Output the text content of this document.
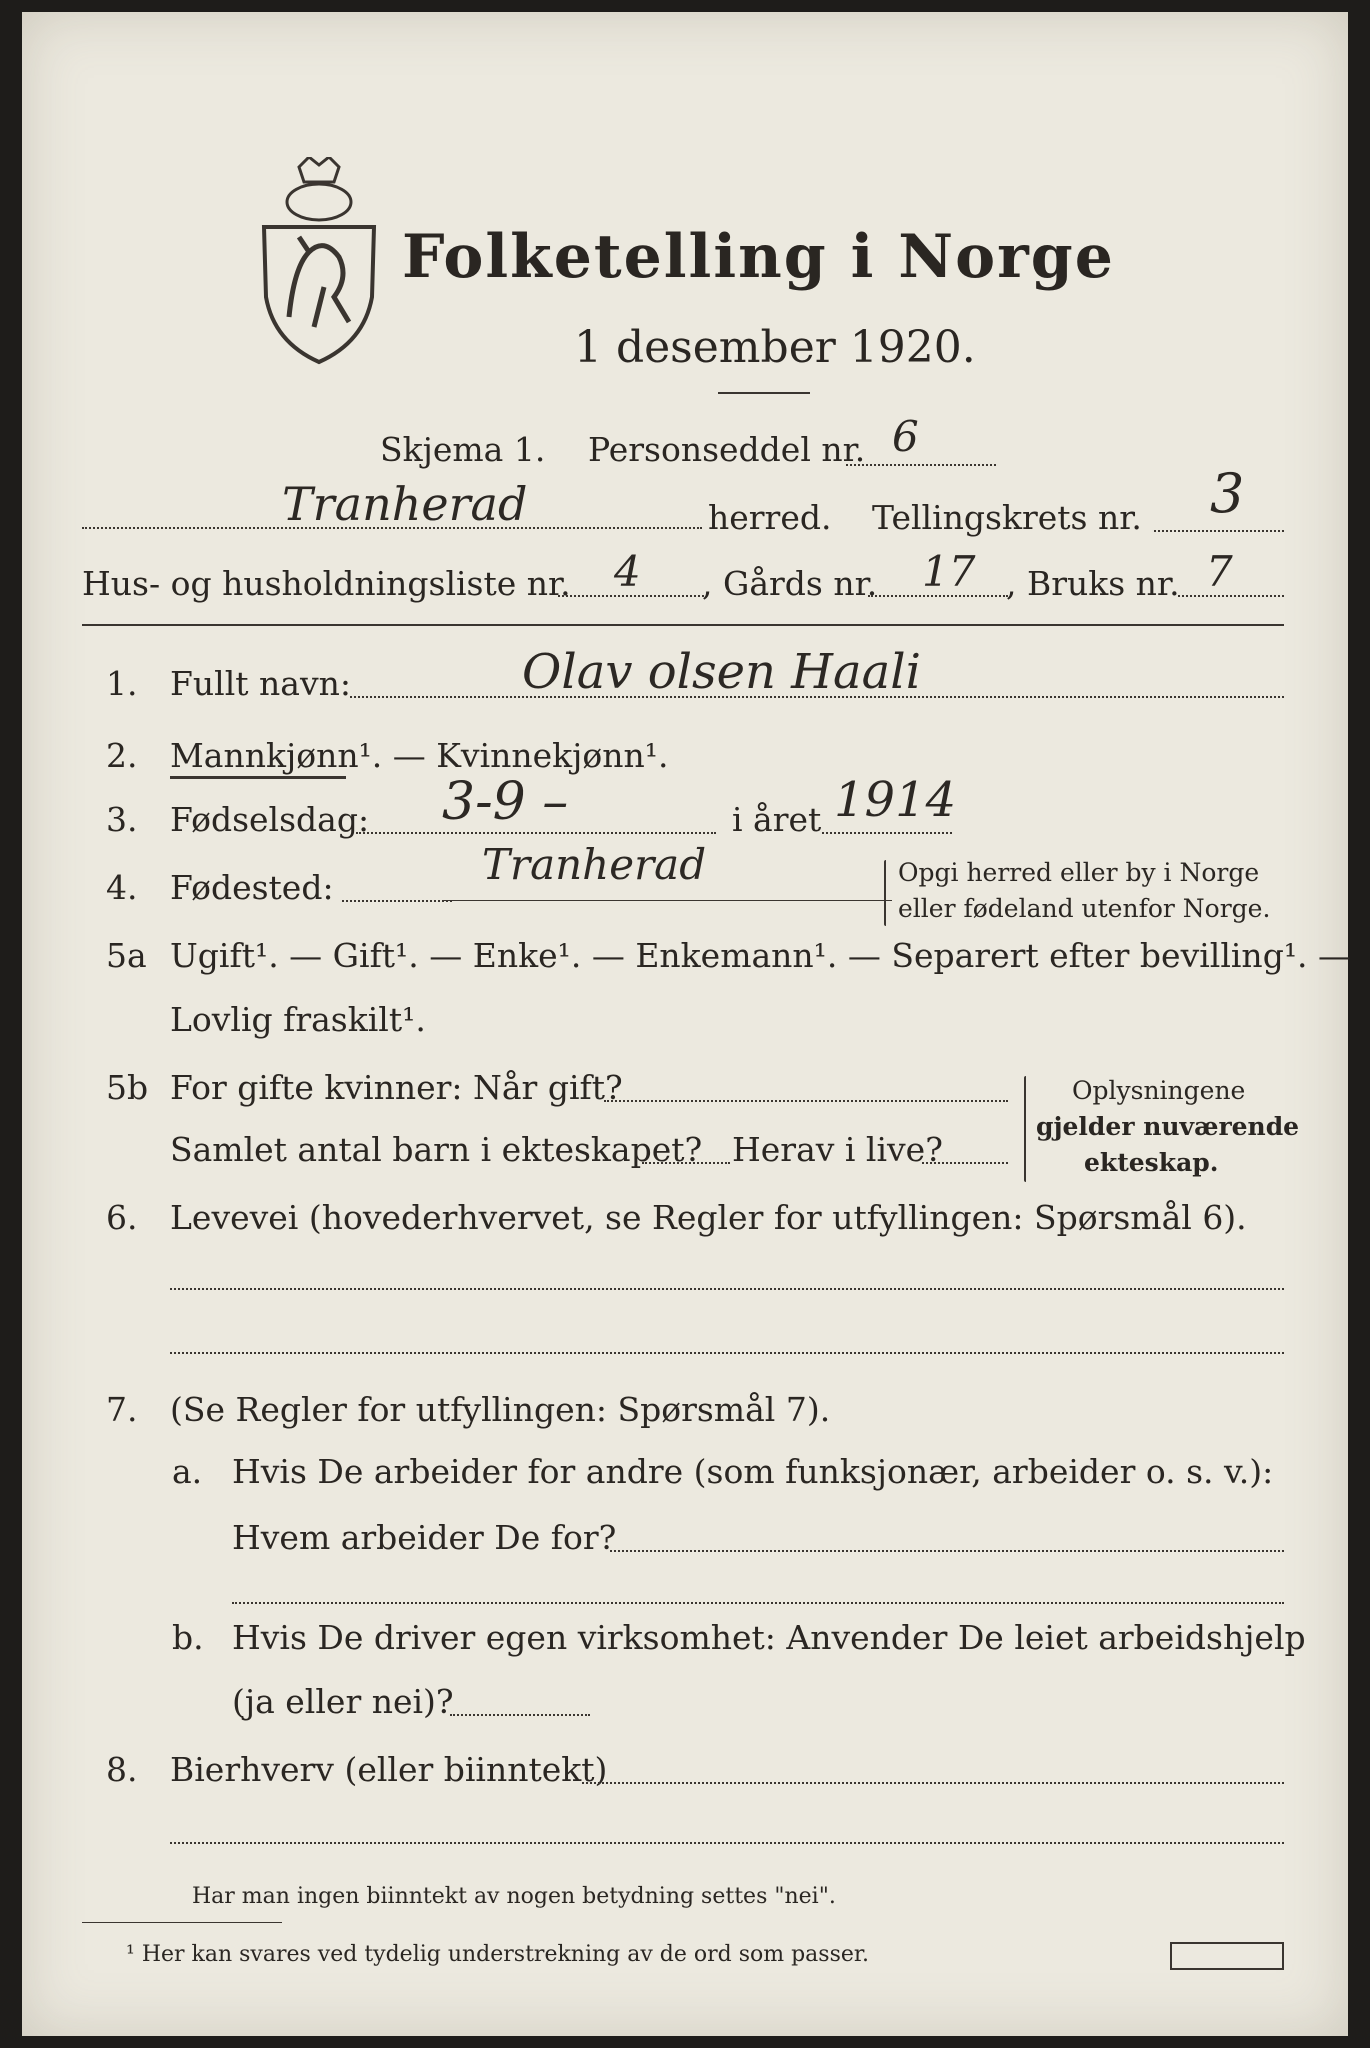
Folketelling i Norge
1 desember 1920.
Skjema 1. Personseddel nr. 6
Tranherad	herred. Tellingskrets nr. 3
Hus- og husholdningsliste nr. 4 , Gårds nr. 17 , Bruks nr. 7
1. Fullt navn:	Olav olsen Haali
2. Mannkjønn¹. — Kvinnekjønn¹.
3. Fødselsdag: 3-9 –	i året 1914
4. Fødested:	Tranherad	Opgi herred eller by i Norge
eller fødeland utenfor Norge.
5a Ugift¹. — Gift¹. — Enke¹. — Enkemann¹. — Separert efter bevilling¹. —
Lovlig fraskilt¹.
5b For gifte kvinner: Når gift?
Samlet antal barn i ekteskapet? Herav i live?
Oplysningene
gjelder nuværende
ekteskap.
6. Levevei (hovederhvervet, se Regler for utfyllingen: Spørsmål 6).
7. (Se Regler for utfyllingen: Spørsmål 7).
a. Hvis De arbeider for andre (som funksjonær, arbeider o. s. v.):
Hvem arbeider De for?
b. Hvis De driver egen virksomhet: Anvender De leiet arbeidshjelp
(ja eller nei)?
8. Bierhverv (eller biinntekt)
Har man ingen biinntekt av nogen betydning settes "nei".
¹ Her kan svares ved tydelig understrekning av de ord som passer.
